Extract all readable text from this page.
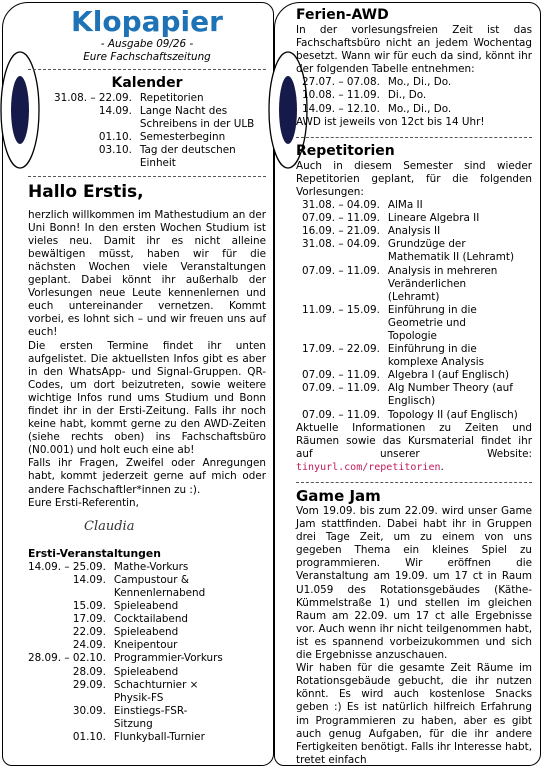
Klopapier
- Ausgabe 09/26 -
Eure Fachschaftszeitung
Kalender
31.08. – 22.09.	Repetitorien
14.09.	Lange Nacht des Schreibens in der ULB
01.10.	Semesterbeginn
03.10.	Tag der deutschen Einheit
Hallo Erstis,

herzlich willkommen im Mathestudium an der Uni Bonn! In den ersten Wochen Studium ist vieles neu. Damit ihr es nicht alleine bewältigen müsst, haben wir für die nächsten Wochen viele Veranstaltungen geplant. Dabei könnt ihr außerhalb der Vorlesungen neue Leute kennenlernen und euch untereinander vernetzen. Kommt vorbei, es lohnt sich – und wir freuen uns auf euch!

Die ersten Termine findet ihr unten aufgelistet. Die aktuellsten Infos gibt es aber in den WhatsApp- und Signal-Gruppen. QR-Codes, um dort beizutreten, sowie weitere wichtige Infos rund ums Studium und Bonn findet ihr in der Ersti-Zeitung. Falls ihr noch keine habt, kommt gerne zu den AWD-Zeiten (siehe rechts oben) ins Fachschaftsbüro (N0.001) und holt euch eine ab!

Falls ihr Fragen, Zweifel oder Anregungen habt, kommt jederzeit gerne auf mich oder andere Fachschaftler*innen zu :).

Eure Ersti-Referentin,

Claudia
Ersti-Veranstaltungen
14.09. – 25.09.	Mathe-Vorkurs
14.09.	Campustour & Kennenlernabend
15.09.	Spieleabend
17.09.	Cocktailabend
22.09.	Spieleabend
24.09.	Kneipentour
28.09. – 02.10.	Programmier-Vorkurs
28.09.	Spieleabend
29.09.	Schachturnier × Physik-FS
30.09.	Einstiegs-FSR-Sitzung
01.10.	Flunkyball-Turnier
Ferien-AWD

In der vorlesungsfreien Zeit ist das Fachschaftsbüro nicht an jedem Wochentag besetzt. Wann wir für euch da sind, könnt ihr der folgenden Tabelle entnehmen:

27.07. – 07.08.	Mo., Di., Do.
10.08. – 11.09.	Di., Do.
14.09. – 12.10.	Mo., Di., Do.

AWD ist jeweils von 12ct bis 14 Uhr!

Repetitorien

Auch in diesem Semester sind wieder Repetitorien geplant, für die folgenden Vorlesungen:

31.08. – 04.09.	AlMa II
07.09. – 11.09.	Lineare Algebra II
16.09. – 21.09.	Analysis II
31.08. – 04.09.	Grundzüge der Mathematik II (Lehramt)
07.09. – 11.09.	Analysis in mehreren Veränderlichen (Lehramt)
11.09. – 15.09.	Einführung in die Geometrie und Topologie
17.09. – 22.09.	Einführung in die komplexe Analysis
07.09. – 11.09.	Algebra I (auf Englisch)
07.09. – 11.09.	Alg Number Theory (auf Englisch)
07.09. – 11.09.	Topology II (auf Englisch)

Aktuelle Informationen zu Zeiten und Räumen sowie das Kursmaterial findet ihr auf unserer Website: tinyurl.com/repetitorien.

Game Jam

Vom 19.09. bis zum 22.09. wird unser Game Jam stattfinden. Dabei habt ihr in Gruppen drei Tage Zeit, um zu einem von uns gegeben Thema ein kleines Spiel zu programmieren. Wir eröffnen die Veranstaltung am 19.09. um 17 ct in Raum U1.059 des Rotationsgebäudes (Käthe-Kümmelstraße 1) und stellen im gleichen Raum am 22.09. um 17 ct alle Ergebnisse vor. Auch wenn ihr nicht teilgenommen habt, ist es spannend vorbeizukommen und sich die Ergebnisse anzuschauen.

Wir haben für die gesamte Zeit Räume im Rotationsgebäude gebucht, die ihr nutzen könnt. Es wird auch kostenlose Snacks geben :) Es ist natürlich hilfreich Erfahrung im Programmieren zu haben, aber es gibt auch genug Aufgaben, für die ihr andere Fertigkeiten benötigt. Falls ihr Interesse habt, tretet einfach
